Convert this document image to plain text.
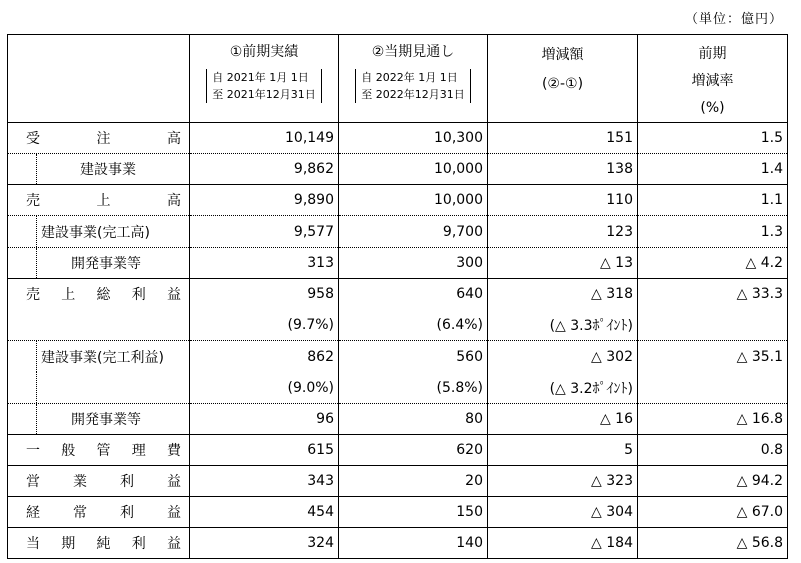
（単位：億円）

	①前期実績
自 2021年 1月 1日
至 2021年12月31日	②当期見通し
自 2022年 1月 1日
至 2022年12月31日	増減額
(②-①)	前期
増減率
(%)

受 注 高	10,149	10,300	151	1.5

建設事業	9,862	10,000	138	1.4

売 上 高	9,890	10,000	110	1.1

建設事業(完工高)	9,577	9,700	123	1.3

開発事業等	313	300	△ 13	△ 4.2

売 上 総 利 益	958	640	△ 318	△ 33.3
	(9.7%)	(6.4%)	(△ 3.3ﾎﾟｲﾝﾄ)	

建設事業(完工利益)	862	560	△ 302	△ 35.1

	(9.0%)	(5.8%)	(△ 3.2ﾎﾟｲﾝﾄ)	

開発事業等	96	80	△ 16	△ 16.8

一 般 管 理 費	615	620	5	0.8

営 業 利 益	343	20	△ 323	△ 94.2

経 常 利 益	454	150	△ 304	△ 67.0

当 期 純 利 益	324	140	△ 184	△ 56.8
